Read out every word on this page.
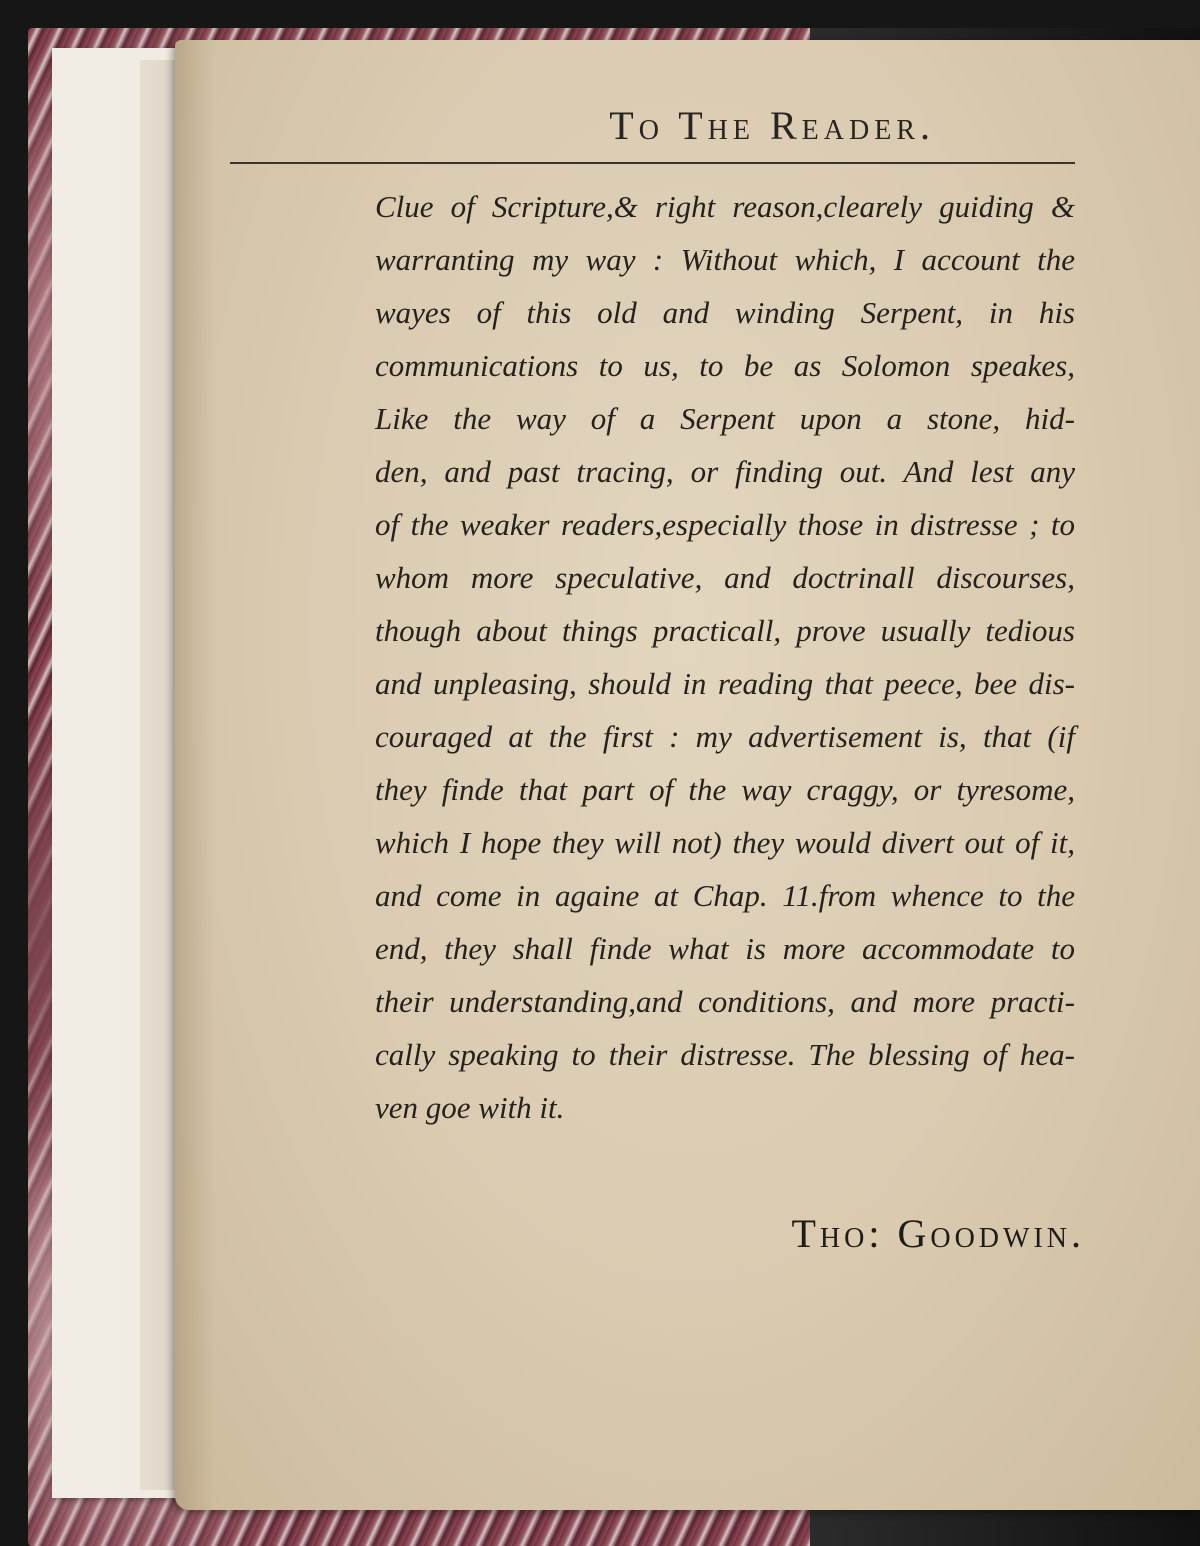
To The Reader.
Clue of Scripture,& right reason,clearely guiding &
warranting my way : Without which, I account the
wayes of this old and winding Serpent, in his
communications to us, to be as Solomon speakes,
Like the way of a Serpent upon a stone, hid-
den, and past tracing, or finding out. And lest any
of the weaker readers,especially those in distresse ; to
whom more speculative, and doctrinall discourses,
though about things practicall, prove usually tedious
and unpleasing, should in reading that peece, bee dis-
couraged at the first : my advertisement is, that (if
they finde that part of the way craggy, or tyresome,
which I hope they will not) they would divert out of it,
and come in againe at Chap. 11.from whence to the
end, they shall finde what is more accommodate to
their understanding,and conditions, and more practi-
cally speaking to their distresse. The blessing of hea-
ven goe with it.
Tho: Goodwin.
